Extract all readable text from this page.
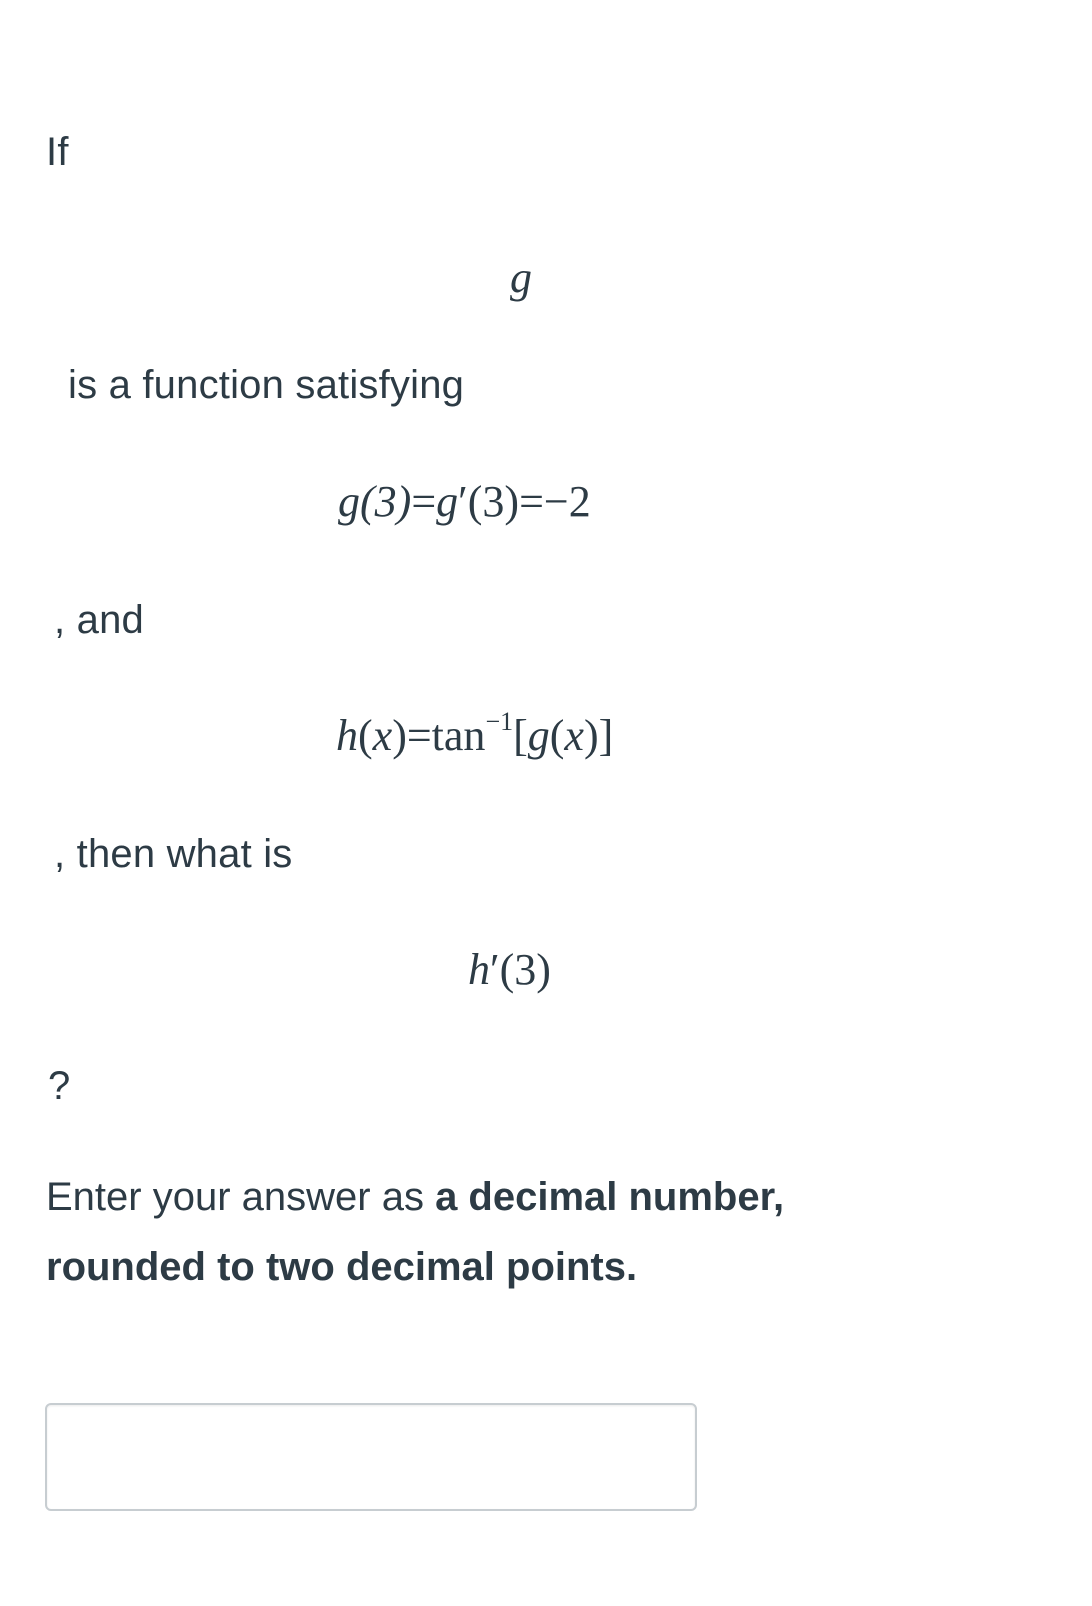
If
g
is a function satisfying
g(3)=g′(3)=−2
, and
$h(x)=\tan^{-1}[g(x)]$
, then what is
h′(3)
?
Enter your answer as a decimal number,
rounded to two decimal points.
